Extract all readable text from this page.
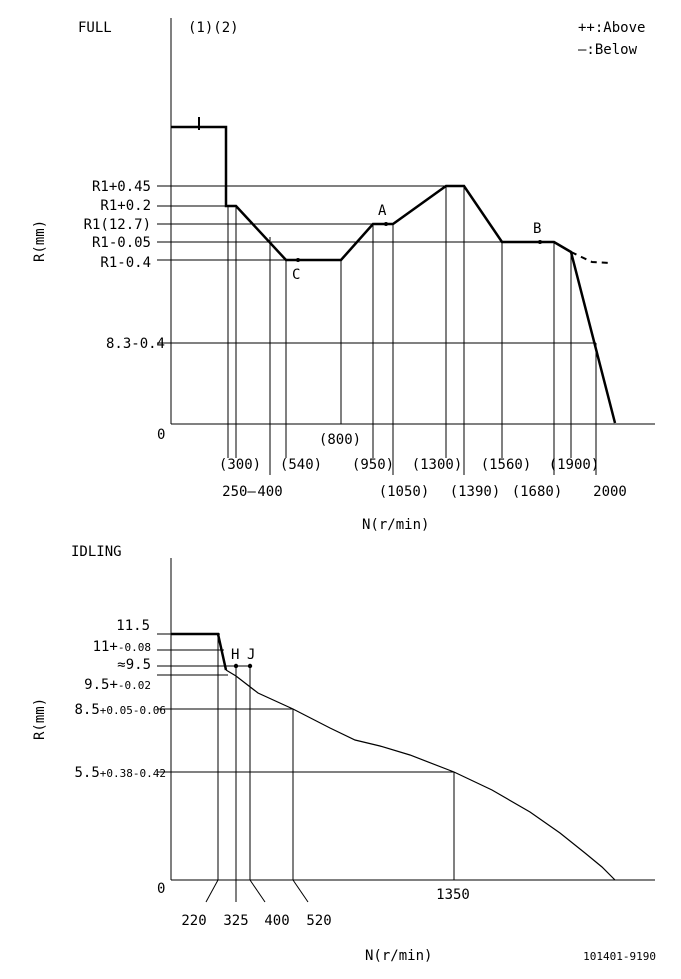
FULL	(1)(2)	++:Above
—:Below
0
R(mm)
N(r/min)
A
B
C
R1+0.45
R1+0.2
R1(12.7)
R1-0.05
R1-0.4
8.3-0.4
250—
(300)
400
(540)
(800)
(950)
(1050)
(1300)
(1390)
(1560)
(1680)
(1900)
2000
IDLING
0
R(mm)
N(r/min)
H J
11.5
11+-0.08
≈9.5
9.5+-0.02
8.5+0.05-0.06
5.5+0.38-0.42
220 325 400 520
1350
101401-9190
